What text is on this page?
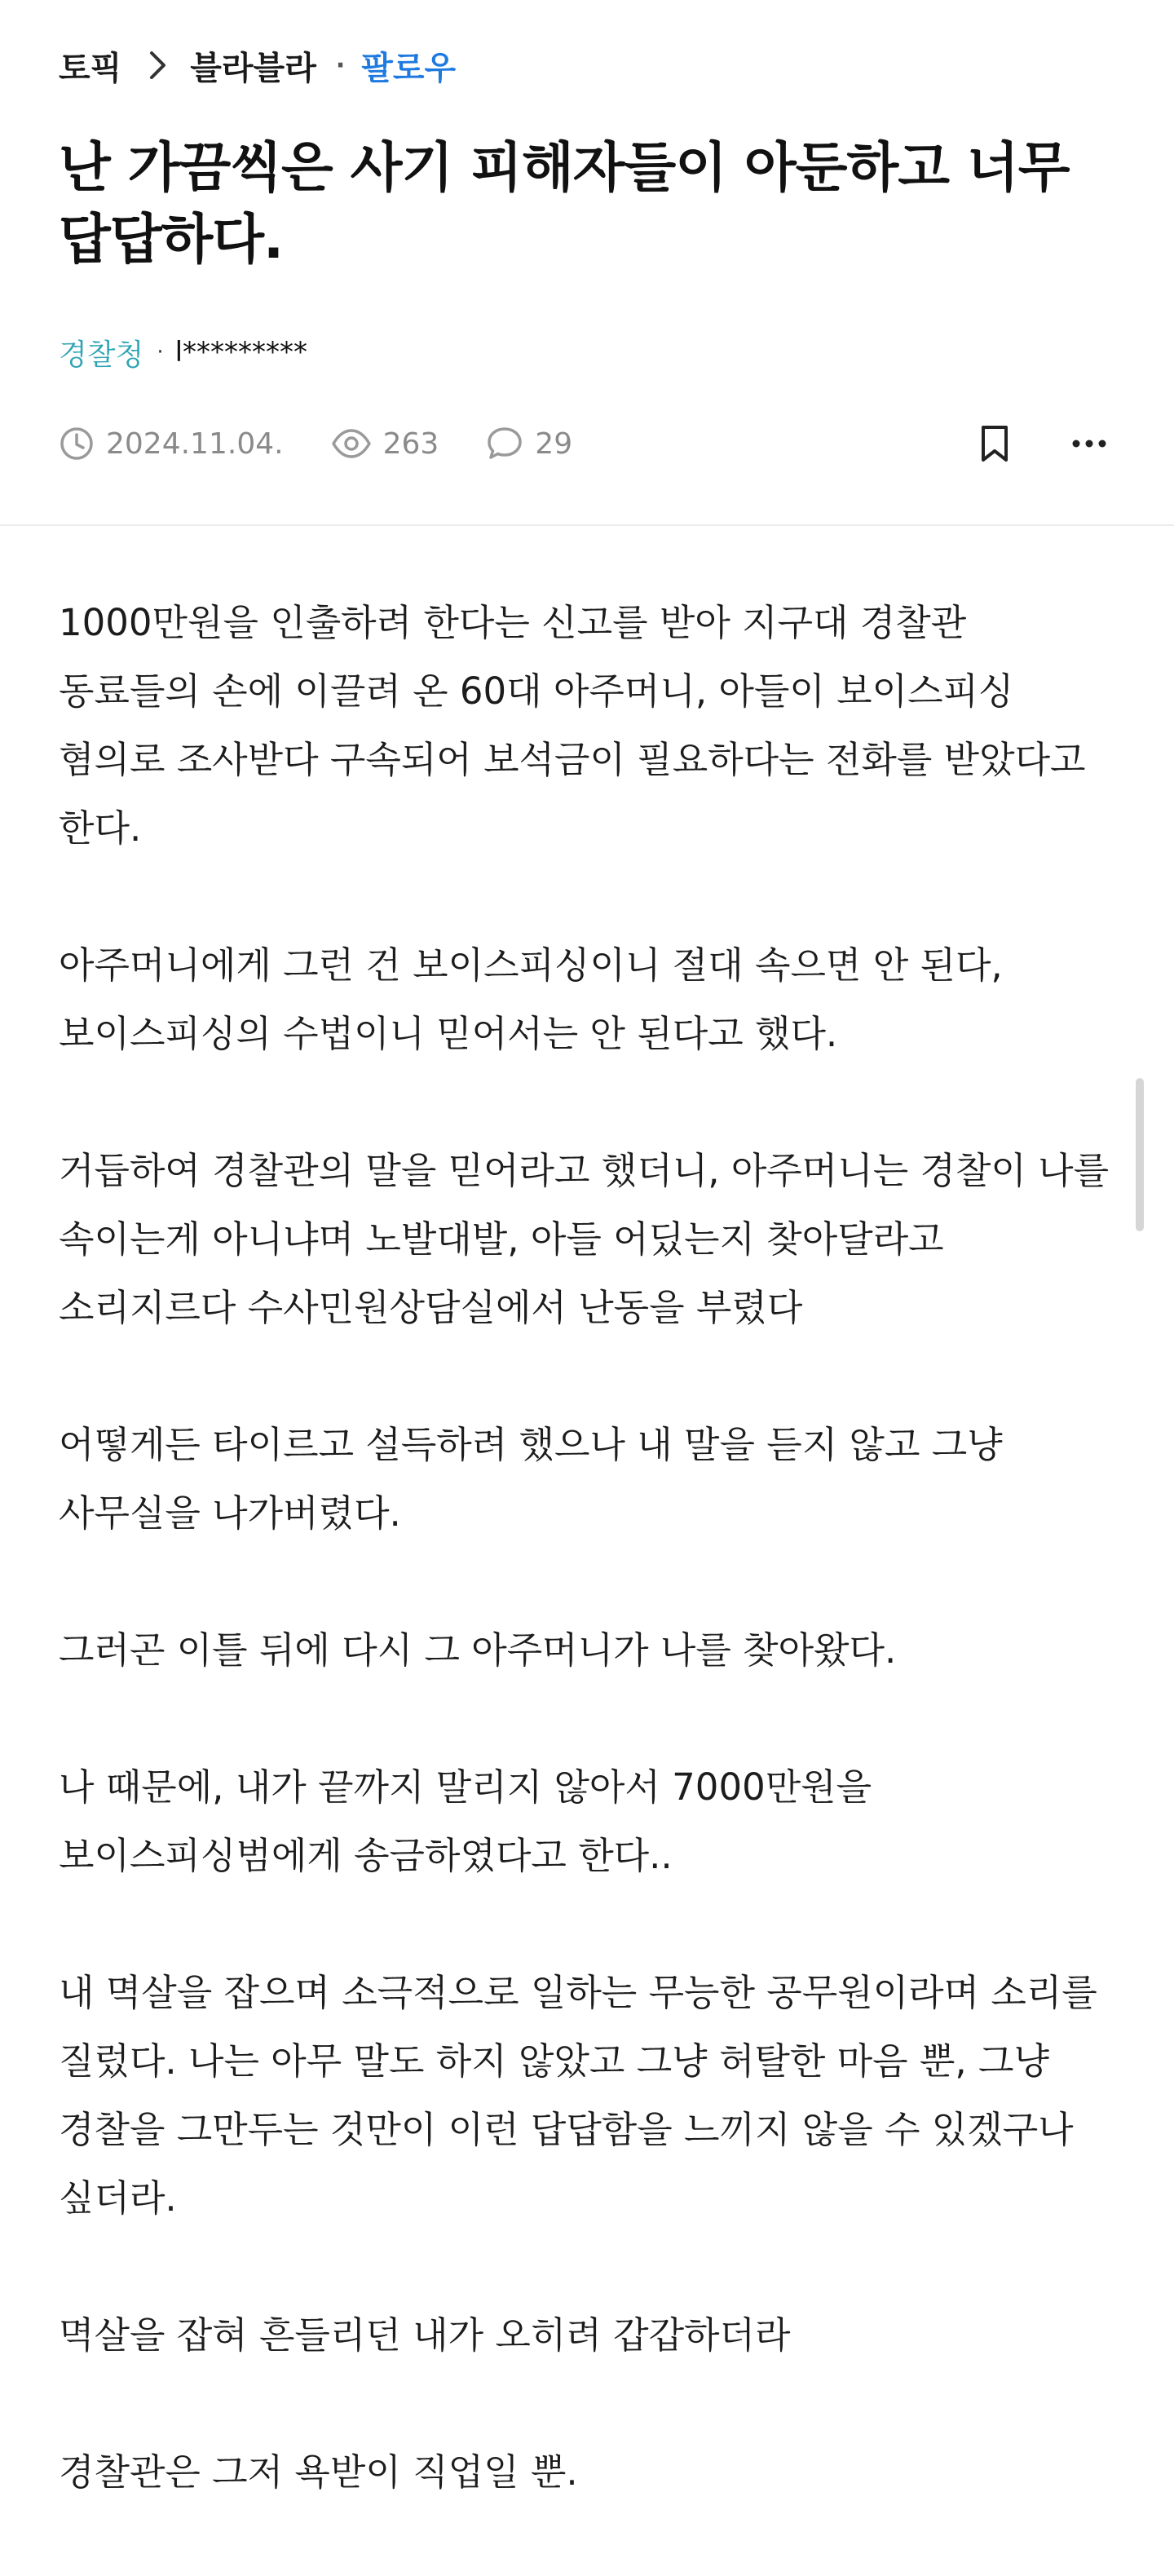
토픽 블라블라 · 팔로우
난 가끔씩은 사기 피해자들이 아둔하고 너무 답답하다.
경찰청 · l*********
2024.11.04.	263	29

1000만원을 인출하려 한다는 신고를 받아 지구대 경찰관 동료들의 손에 이끌려 온 60대 아주머니, 아들이 보이스피싱 혐의로 조사받다 구속되어 보석금이 필요하다는 전화를 받았다고 한다.

아주머니에게 그런 건 보이스피싱이니 절대 속으면 안 된다, 보이스피싱의 수법이니 믿어서는 안 된다고 했다.

거듭하여 경찰관의 말을 믿어라고 했더니, 아주머니는 경찰이 나를 속이는게 아니냐며 노발대발, 아들 어딨는지 찾아달라고 소리지르다 수사민원상담실에서 난동을 부렸다

어떻게든 타이르고 설득하려 했으나 내 말을 듣지 않고 그냥 사무실을 나가버렸다.

그러곤 이틀 뒤에 다시 그 아주머니가 나를 찾아왔다.

나 때문에, 내가 끝까지 말리지 않아서 7000만원을 보이스피싱범에게 송금하였다고 한다..

내 멱살을 잡으며 소극적으로 일하는 무능한 공무원이라며 소리를 질렀다. 나는 아무 말도 하지 않았고 그냥 허탈한 마음 뿐, 그냥 경찰을 그만두는 것만이 이런 답답함을 느끼지 않을 수 있겠구나 싶더라.

멱살을 잡혀 흔들리던 내가 오히려 갑갑하더라

경찰관은 그저 욕받이 직업일 뿐.
